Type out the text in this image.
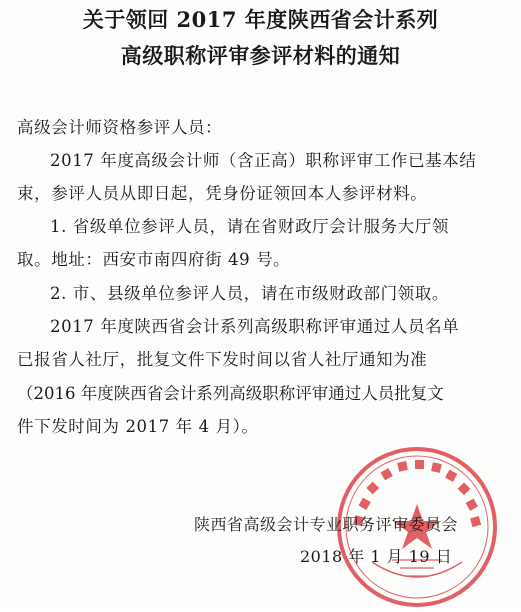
关于领回 2017 年度陕西省会计系列
高级职称评审参评材料的通知
高级会计师资格参评人员：
2017 年度高级会计师（含正高）职称评审工作已基本结
束，参评人员从即日起，凭身份证领回本人参评材料。
1. 省级单位参评人员，请在省财政厅会计服务大厅领
取。地址：西安市南四府街 49 号。
2. 市、县级单位参评人员，请在市级财政部门领取。
2017 年度陕西省会计系列高级职称评审通过人员名单
已报省人社厅，批复文件下发时间以省人社厅通知为准
（2016 年度陕西省会计系列高级职称评审通过人员批复文
件下发时间为 2017 年 4 月）。
陕西省高级会计专业职务评审委员会
2018 年 1 月 19 日
